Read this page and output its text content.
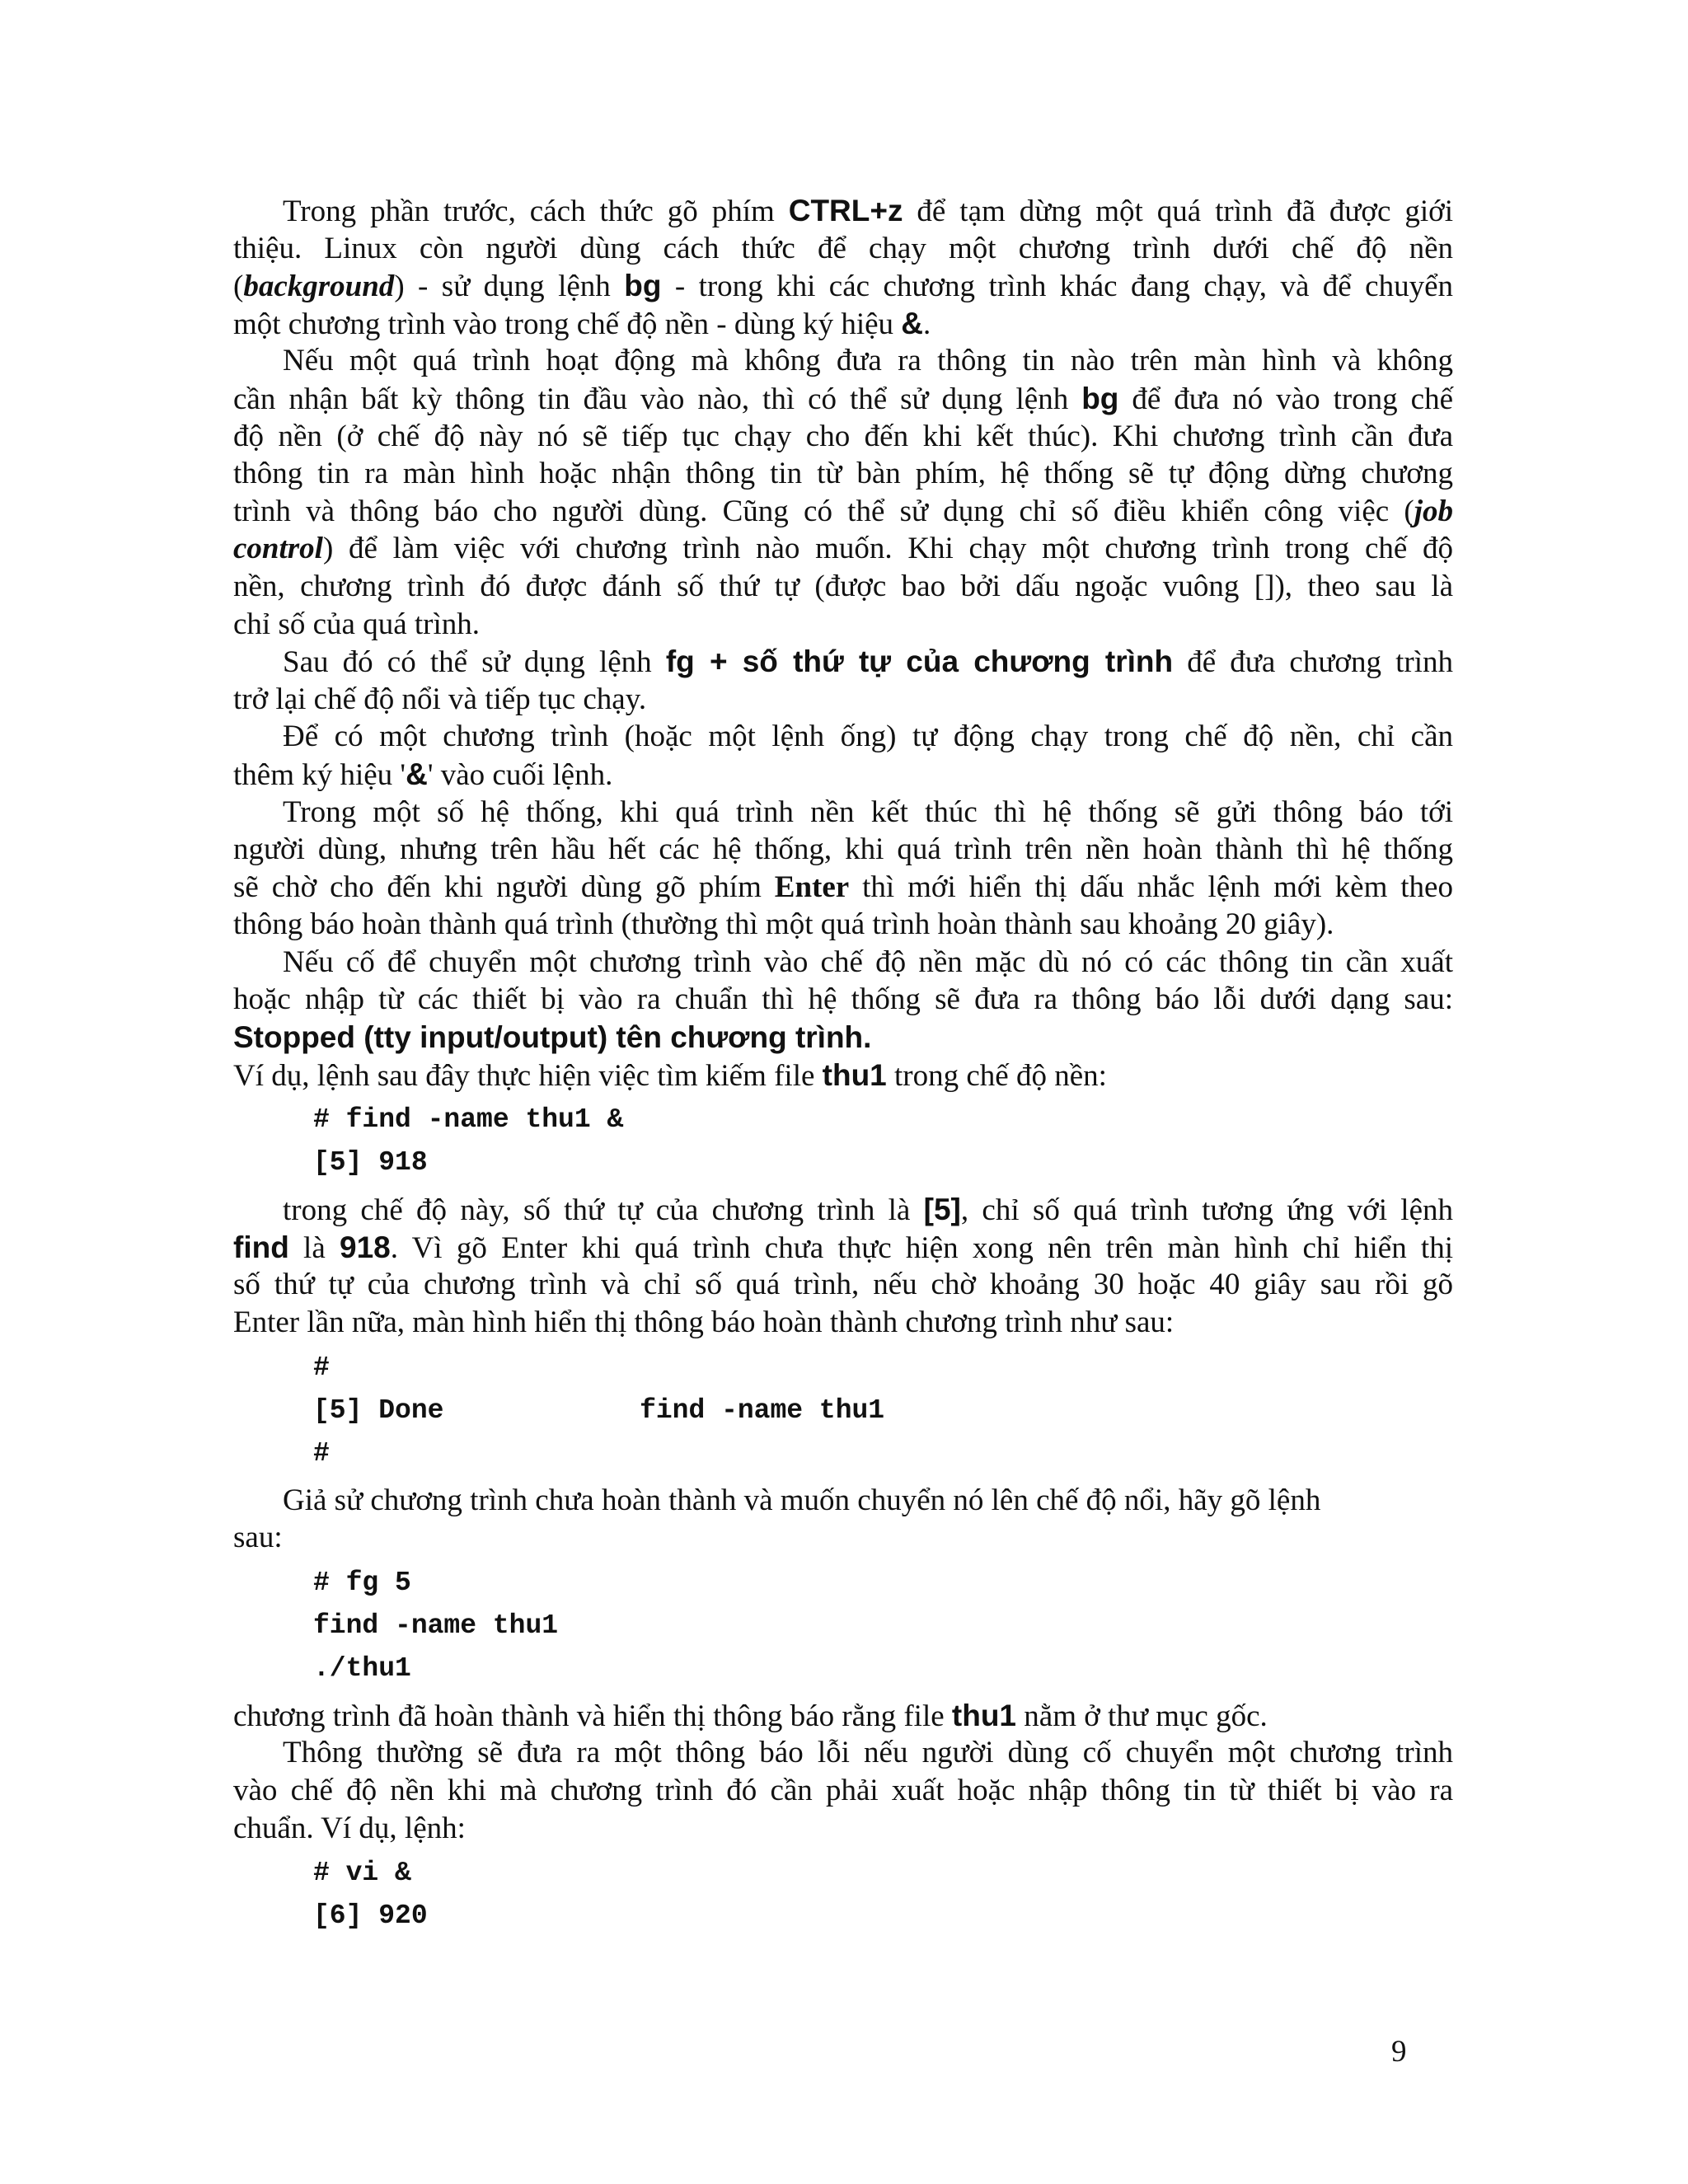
Trong phần trước, cách thức gõ phím CTRL+z để tạm dừng một quá trình đã được giới
thiệu. Linux còn người dùng cách thức để chạy một chương trình dưới chế độ nền
(background) - sử dụng lệnh bg - trong khi các chương trình khác đang chạy, và để chuyển
một chương trình vào trong chế độ nền - dùng ký hiệu &.
Nếu một quá trình hoạt động mà không đưa ra thông tin nào trên màn hình và không
cần nhận bất kỳ thông tin đầu vào nào, thì có thể sử dụng lệnh bg để đưa nó vào trong chế
độ nền (ở chế độ này nó sẽ tiếp tục chạy cho đến khi kết thúc). Khi chương trình cần đưa
thông tin ra màn hình hoặc nhận thông tin từ bàn phím, hệ thống sẽ tự động dừng chương
trình và thông báo cho người dùng. Cũng có thể sử dụng chỉ số điều khiển công việc (job
control) để làm việc với chương trình nào muốn. Khi chạy một chương trình trong chế độ
nền, chương trình đó được đánh số thứ tự (được bao bởi dấu ngoặc vuông []), theo sau là
chỉ số của quá trình.
Sau đó có thể sử dụng lệnh fg + số thứ tự của chương trình để đưa chương trình
trở lại chế độ nổi và tiếp tục chạy.
Để có một chương trình (hoặc một lệnh ống) tự động chạy trong chế độ nền, chỉ cần
thêm ký hiệu '&' vào cuối lệnh.
Trong một số hệ thống, khi quá trình nền kết thúc thì hệ thống sẽ gửi thông báo tới
người dùng, nhưng trên hầu hết các hệ thống, khi quá trình trên nền hoàn thành thì hệ thống
sẽ chờ cho đến khi người dùng gõ phím Enter thì mới hiển thị dấu nhắc lệnh mới kèm theo
thông báo hoàn thành quá trình (thường thì một quá trình hoàn thành sau khoảng 20 giây).
Nếu cố để chuyển một chương trình vào chế độ nền mặc dù nó có các thông tin cần xuất
hoặc nhập từ các thiết bị vào ra chuẩn thì hệ thống sẽ đưa ra thông báo lỗi dưới dạng sau:
Stopped (tty input/output) tên chương trình.
Ví dụ, lệnh sau đây thực hiện việc tìm kiếm file thu1 trong chế độ nền:
# find -name thu1 &
[5] 918
trong chế độ này, số thứ tự của chương trình là [5], chỉ số quá trình tương ứng với lệnh
find là 918. Vì gõ Enter khi quá trình chưa thực hiện xong nên trên màn hình chỉ hiển thị
số thứ tự của chương trình và chỉ số quá trình, nếu chờ khoảng 30 hoặc 40 giây sau rồi gõ
Enter lần nữa, màn hình hiển thị thông báo hoàn thành chương trình như sau:
#
[5] Done            find -name thu1
#
Giả sử chương trình chưa hoàn thành và muốn chuyển nó lên chế độ nổi, hãy gõ lệnh
sau:
# fg 5
find -name thu1
./thu1
chương trình đã hoàn thành và hiển thị thông báo rằng file thu1 nằm ở thư mục gốc.
Thông thường sẽ đưa ra một thông báo lỗi nếu người dùng cố chuyển một chương trình
vào chế độ nền khi mà chương trình đó cần phải xuất hoặc nhập thông tin từ thiết bị vào ra
chuẩn. Ví dụ, lệnh:
# vi &
[6] 920
9
